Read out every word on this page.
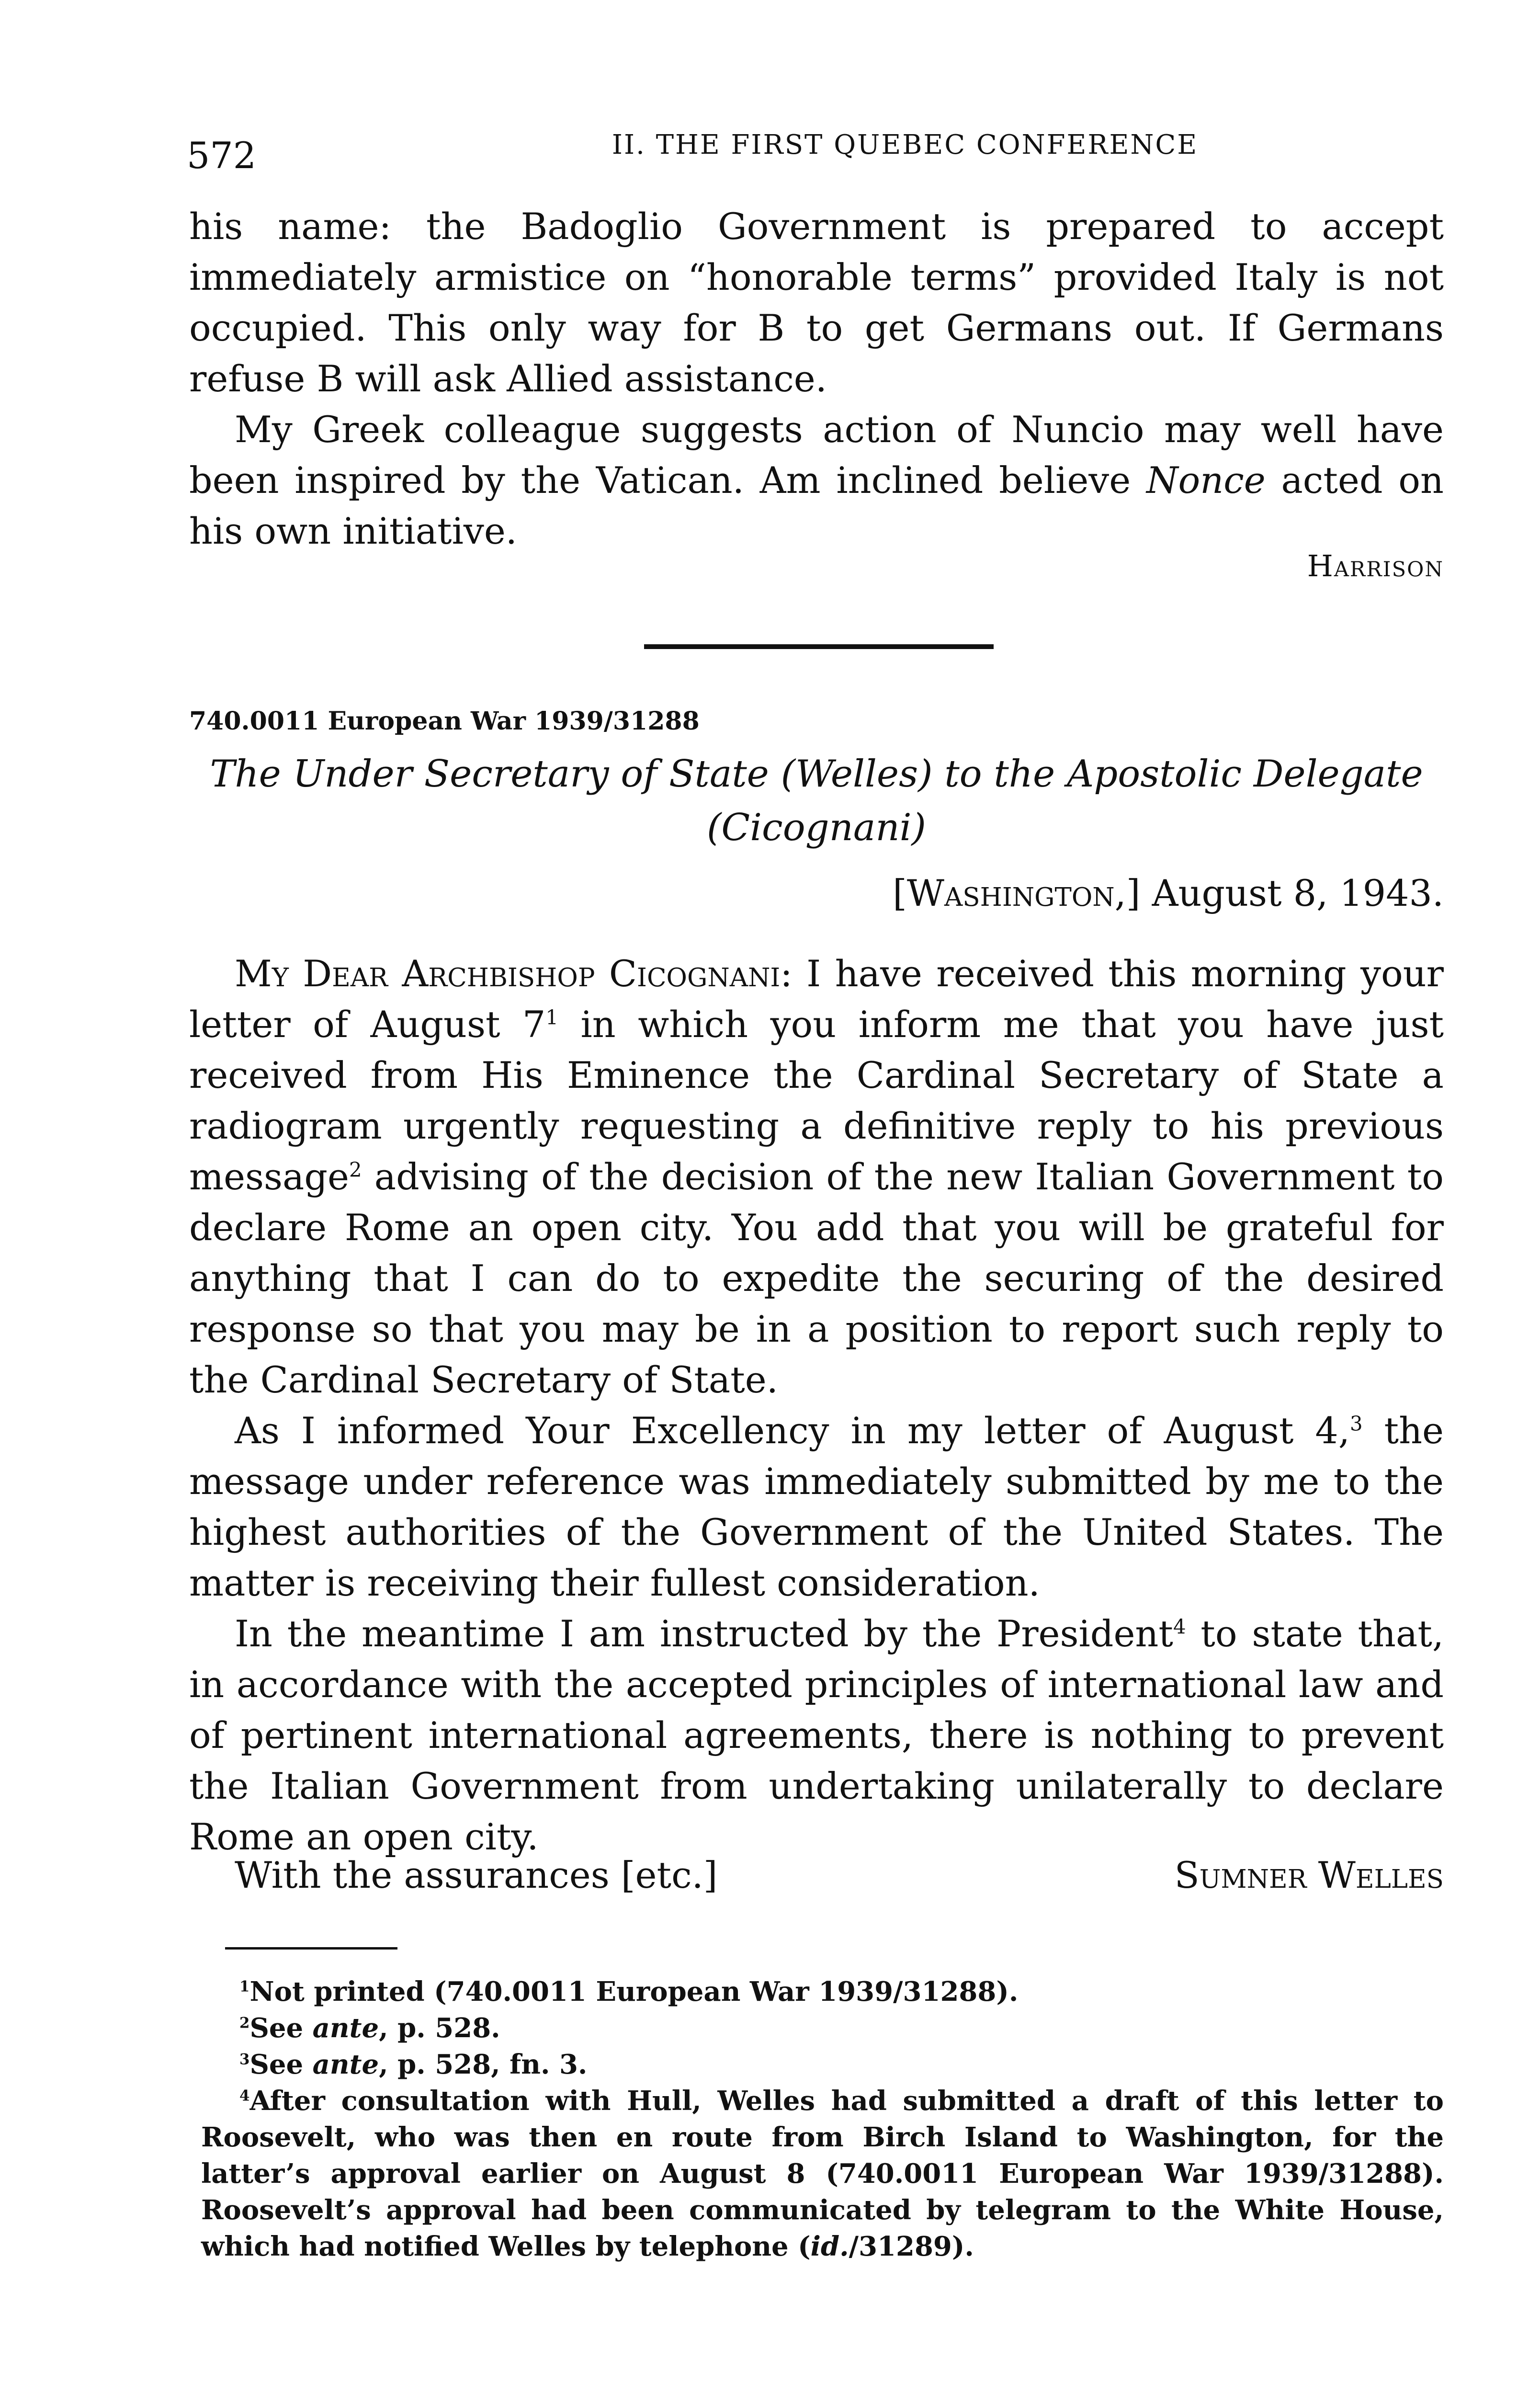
572	II. THE FIRST QUEBEC CONFERENCE

his name: the Badoglio Government is prepared to accept immediately armistice on “honorable terms” provided Italy is not occupied. This only way for B to get Germans out. If Germans refuse B will ask Allied assistance.

My Greek colleague suggests action of Nuncio may well have been inspired by the Vatican. Am inclined believe Nonce acted on his own initiative.

Harrison
740.0011 European War 1939/31288
The Under Secretary of State (Welles) to the Apostolic Delegate
(Cicognani)
[Washington,] August 8, 1943.

My Dear Archbishop Cicognani: I have received this morning your letter of August $7^1$ in which you inform me that you have just received from His Eminence the Cardinal Secretary of State a radiogram urgently requesting a definitive reply to his previous message$^2$ advising of the decision of the new Italian Government to declare Rome an open city. You add that you will be grateful for anything that I can do to expedite the securing of the desired response so that you may be in a position to report such reply to the Cardinal Secretary of State.

As I informed Your Excellency in my letter of August 4,$^3$ the message under reference was immediately submitted by me to the highest authorities of the Government of the United States. The matter is receiving their fullest consideration.

In the meantime I am instructed by the President$^4$ to state that, in accordance with the accepted principles of international law and of pertinent international agreements, there is nothing to prevent the Italian Government from undertaking unilaterally to declare Rome an open city.

With the assurances [etc.]	Sumner Welles

$^1$Not printed (740.0011 European War 1939/31288).

$^2$See ante, p. 528.

$^3$See ante, p. 528, fn. 3.

$^4$After consultation with Hull, Welles had submitted a draft of this letter to Roosevelt, who was then en route from Birch Island to Washington, for the latter’s approval earlier on August 8 (740.0011 European War 1939/31288). Roosevelt’s approval had been communicated by telegram to the White House, which had notified Welles by telephone (id./31289).
